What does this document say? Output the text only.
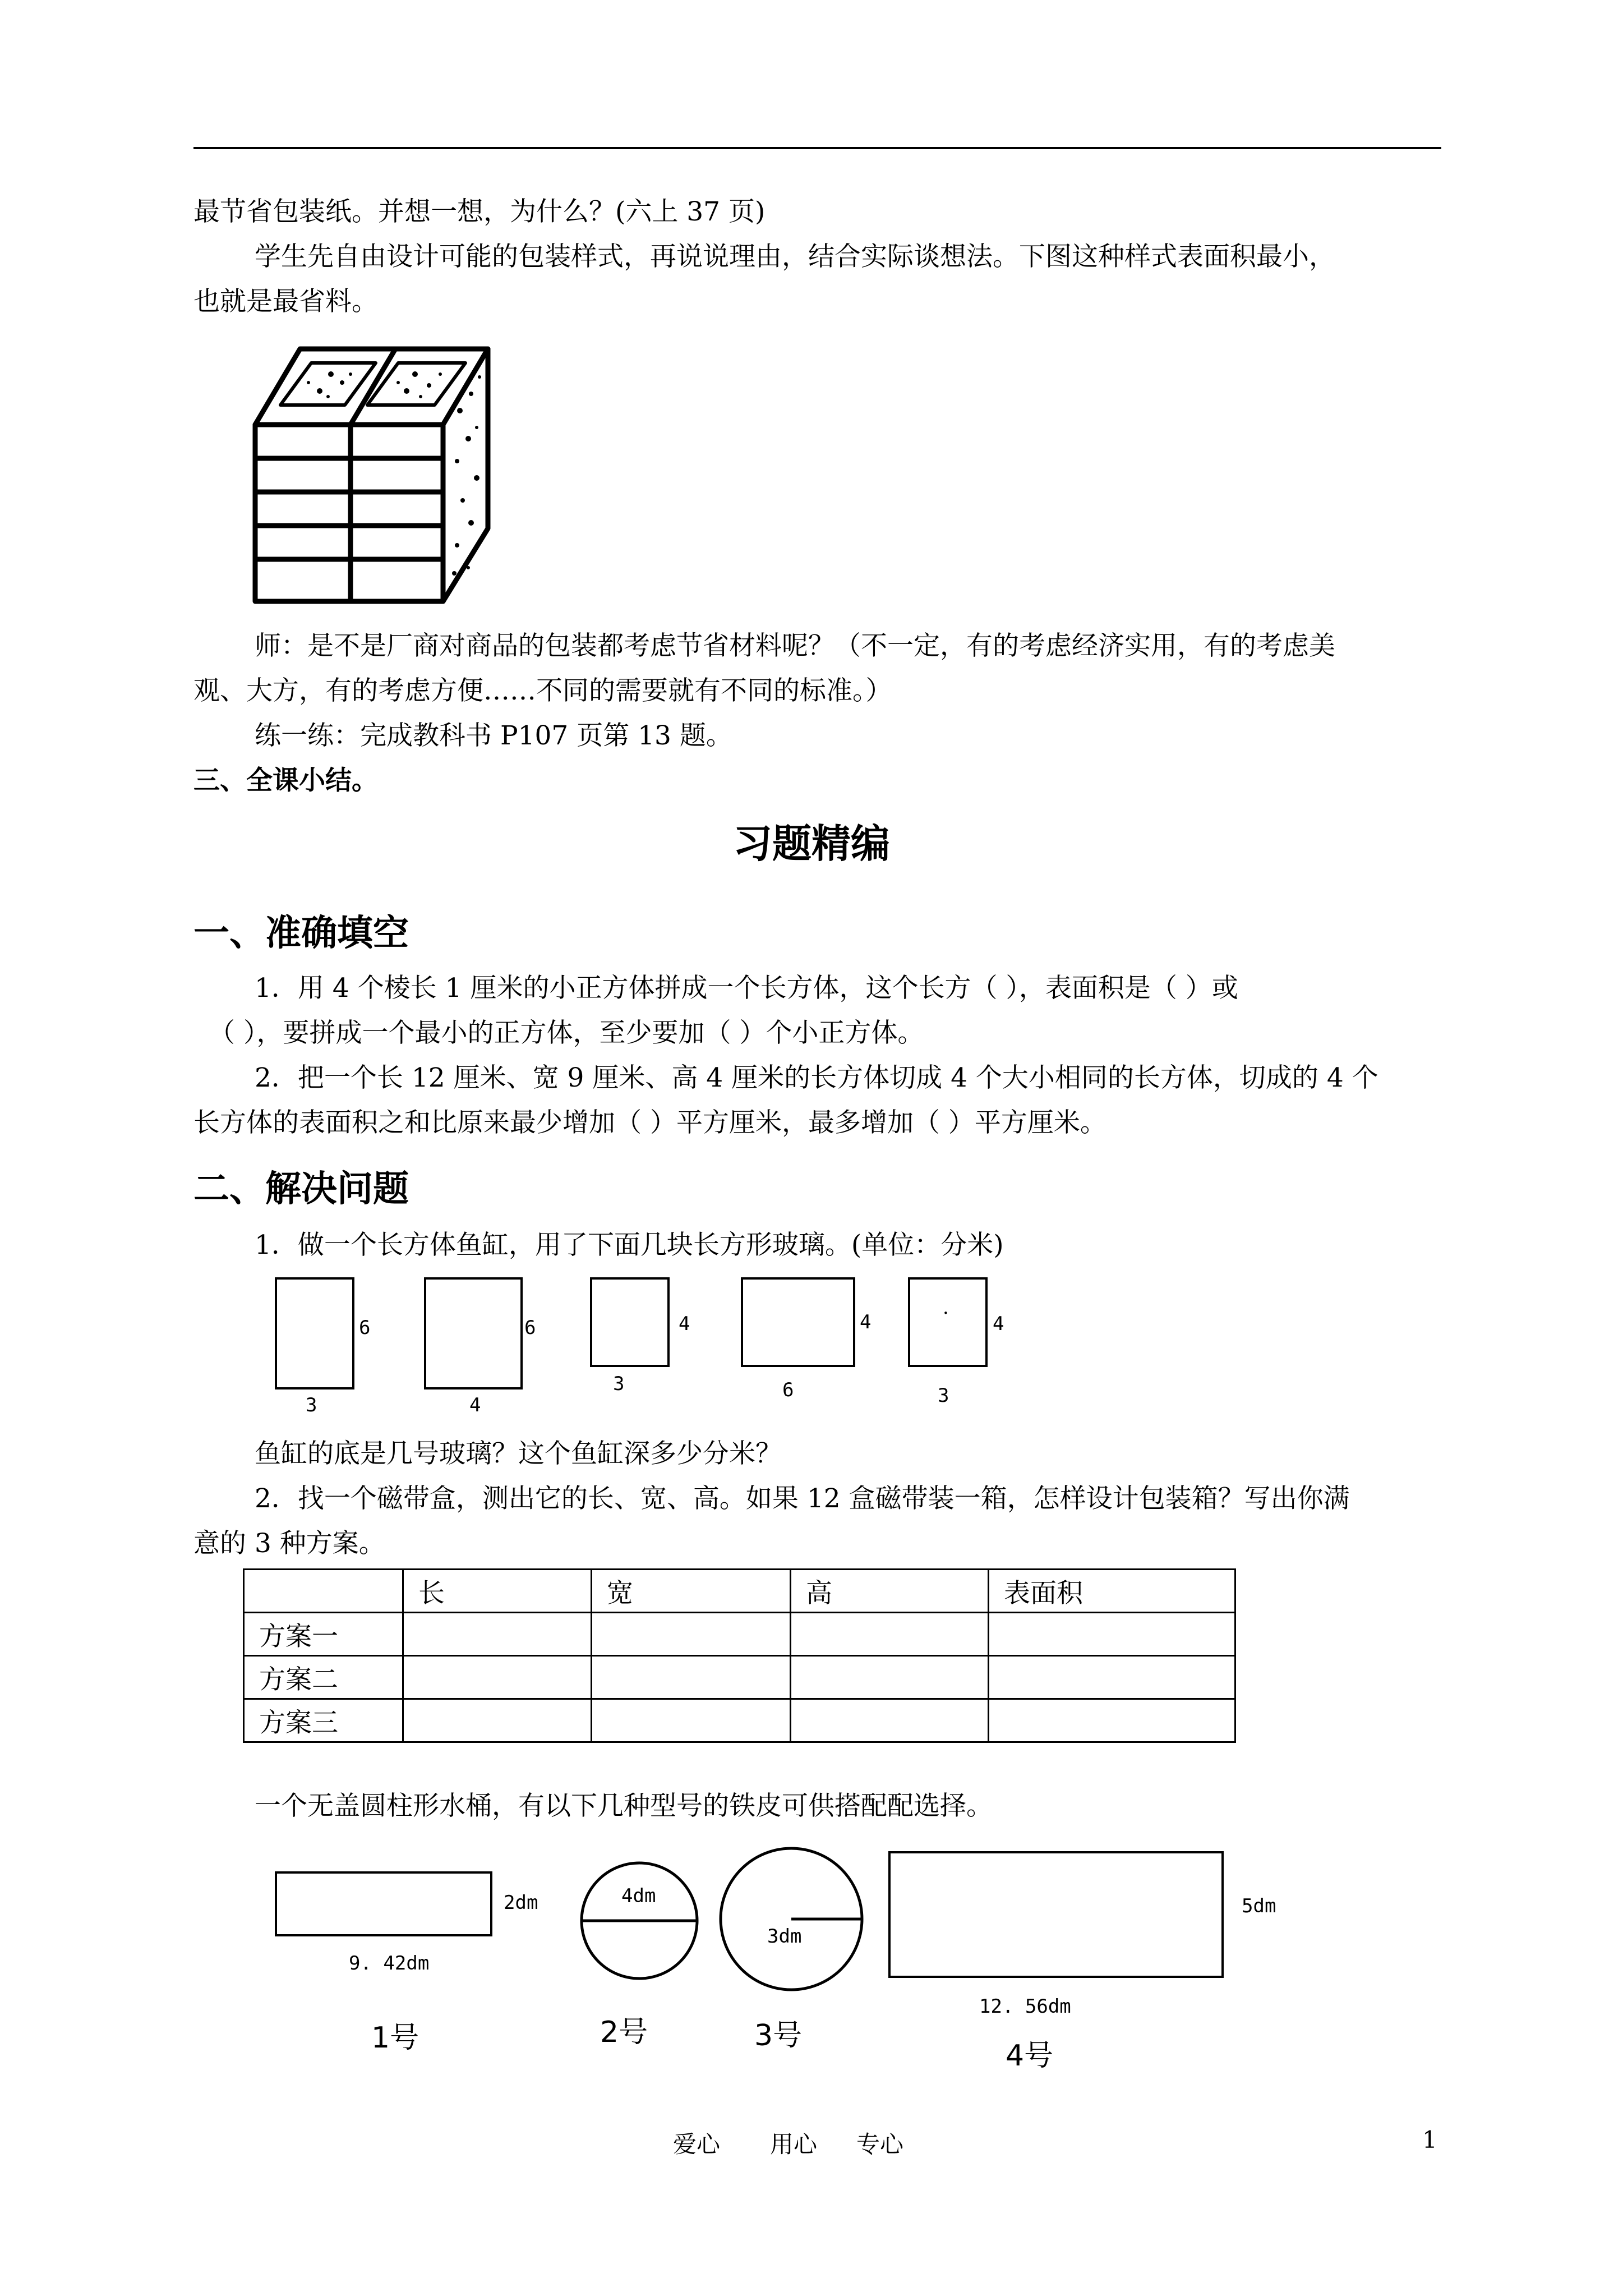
最节省包装纸。并想一想，为什么？(六上 37 页)
学生先自由设计可能的包装样式，再说说理由，结合实际谈想法。下图这种样式表面积最小，
也就是最省料。
师：是不是厂商对商品的包装都考虑节省材料呢？（不一定，有的考虑经济实用，有的考虑美
观、大方，有的考虑方便……不同的需要就有不同的标准。）
练一练：完成教科书 P107 页第 13 题。
三、全课小结。
习题精编
一、准确填空
1．用 4 个棱长 1 厘米的小正方体拼成一个长方体，这个长方（ ），表面积是（ ）或
（ ），要拼成一个最小的正方体，至少要加（ ）个小正方体。
2．把一个长 12 厘米、宽 9 厘米、高 4 厘米的长方体切成 4 个大小相同的长方体，切成的 4 个
长方体的表面积之和比原来最少增加（ ）平方厘米，最多增加（ ）平方厘米。
二、解决问题
1．做一个长方体鱼缸，用了下面几块长方形玻璃。(单位：分米)
6
3
6
4
4
3
4
6
· 4
3
鱼缸的底是几号玻璃？这个鱼缸深多少分米？
2．找一个磁带盒，测出它的长、宽、高。如果 12 盒磁带装一箱，怎样设计包装箱？写出你满
意的 3 种方案。
	长	宽	高	表面积
方案一				
方案二				
方案三				
一个无盖圆柱形水桶，有以下几种型号的铁皮可供搭配配选择。
2dm
9. 42dm
1号
4dm
2号
3dm
3号
5dm
12. 56dm
4号
爱心 用心 专心	1
